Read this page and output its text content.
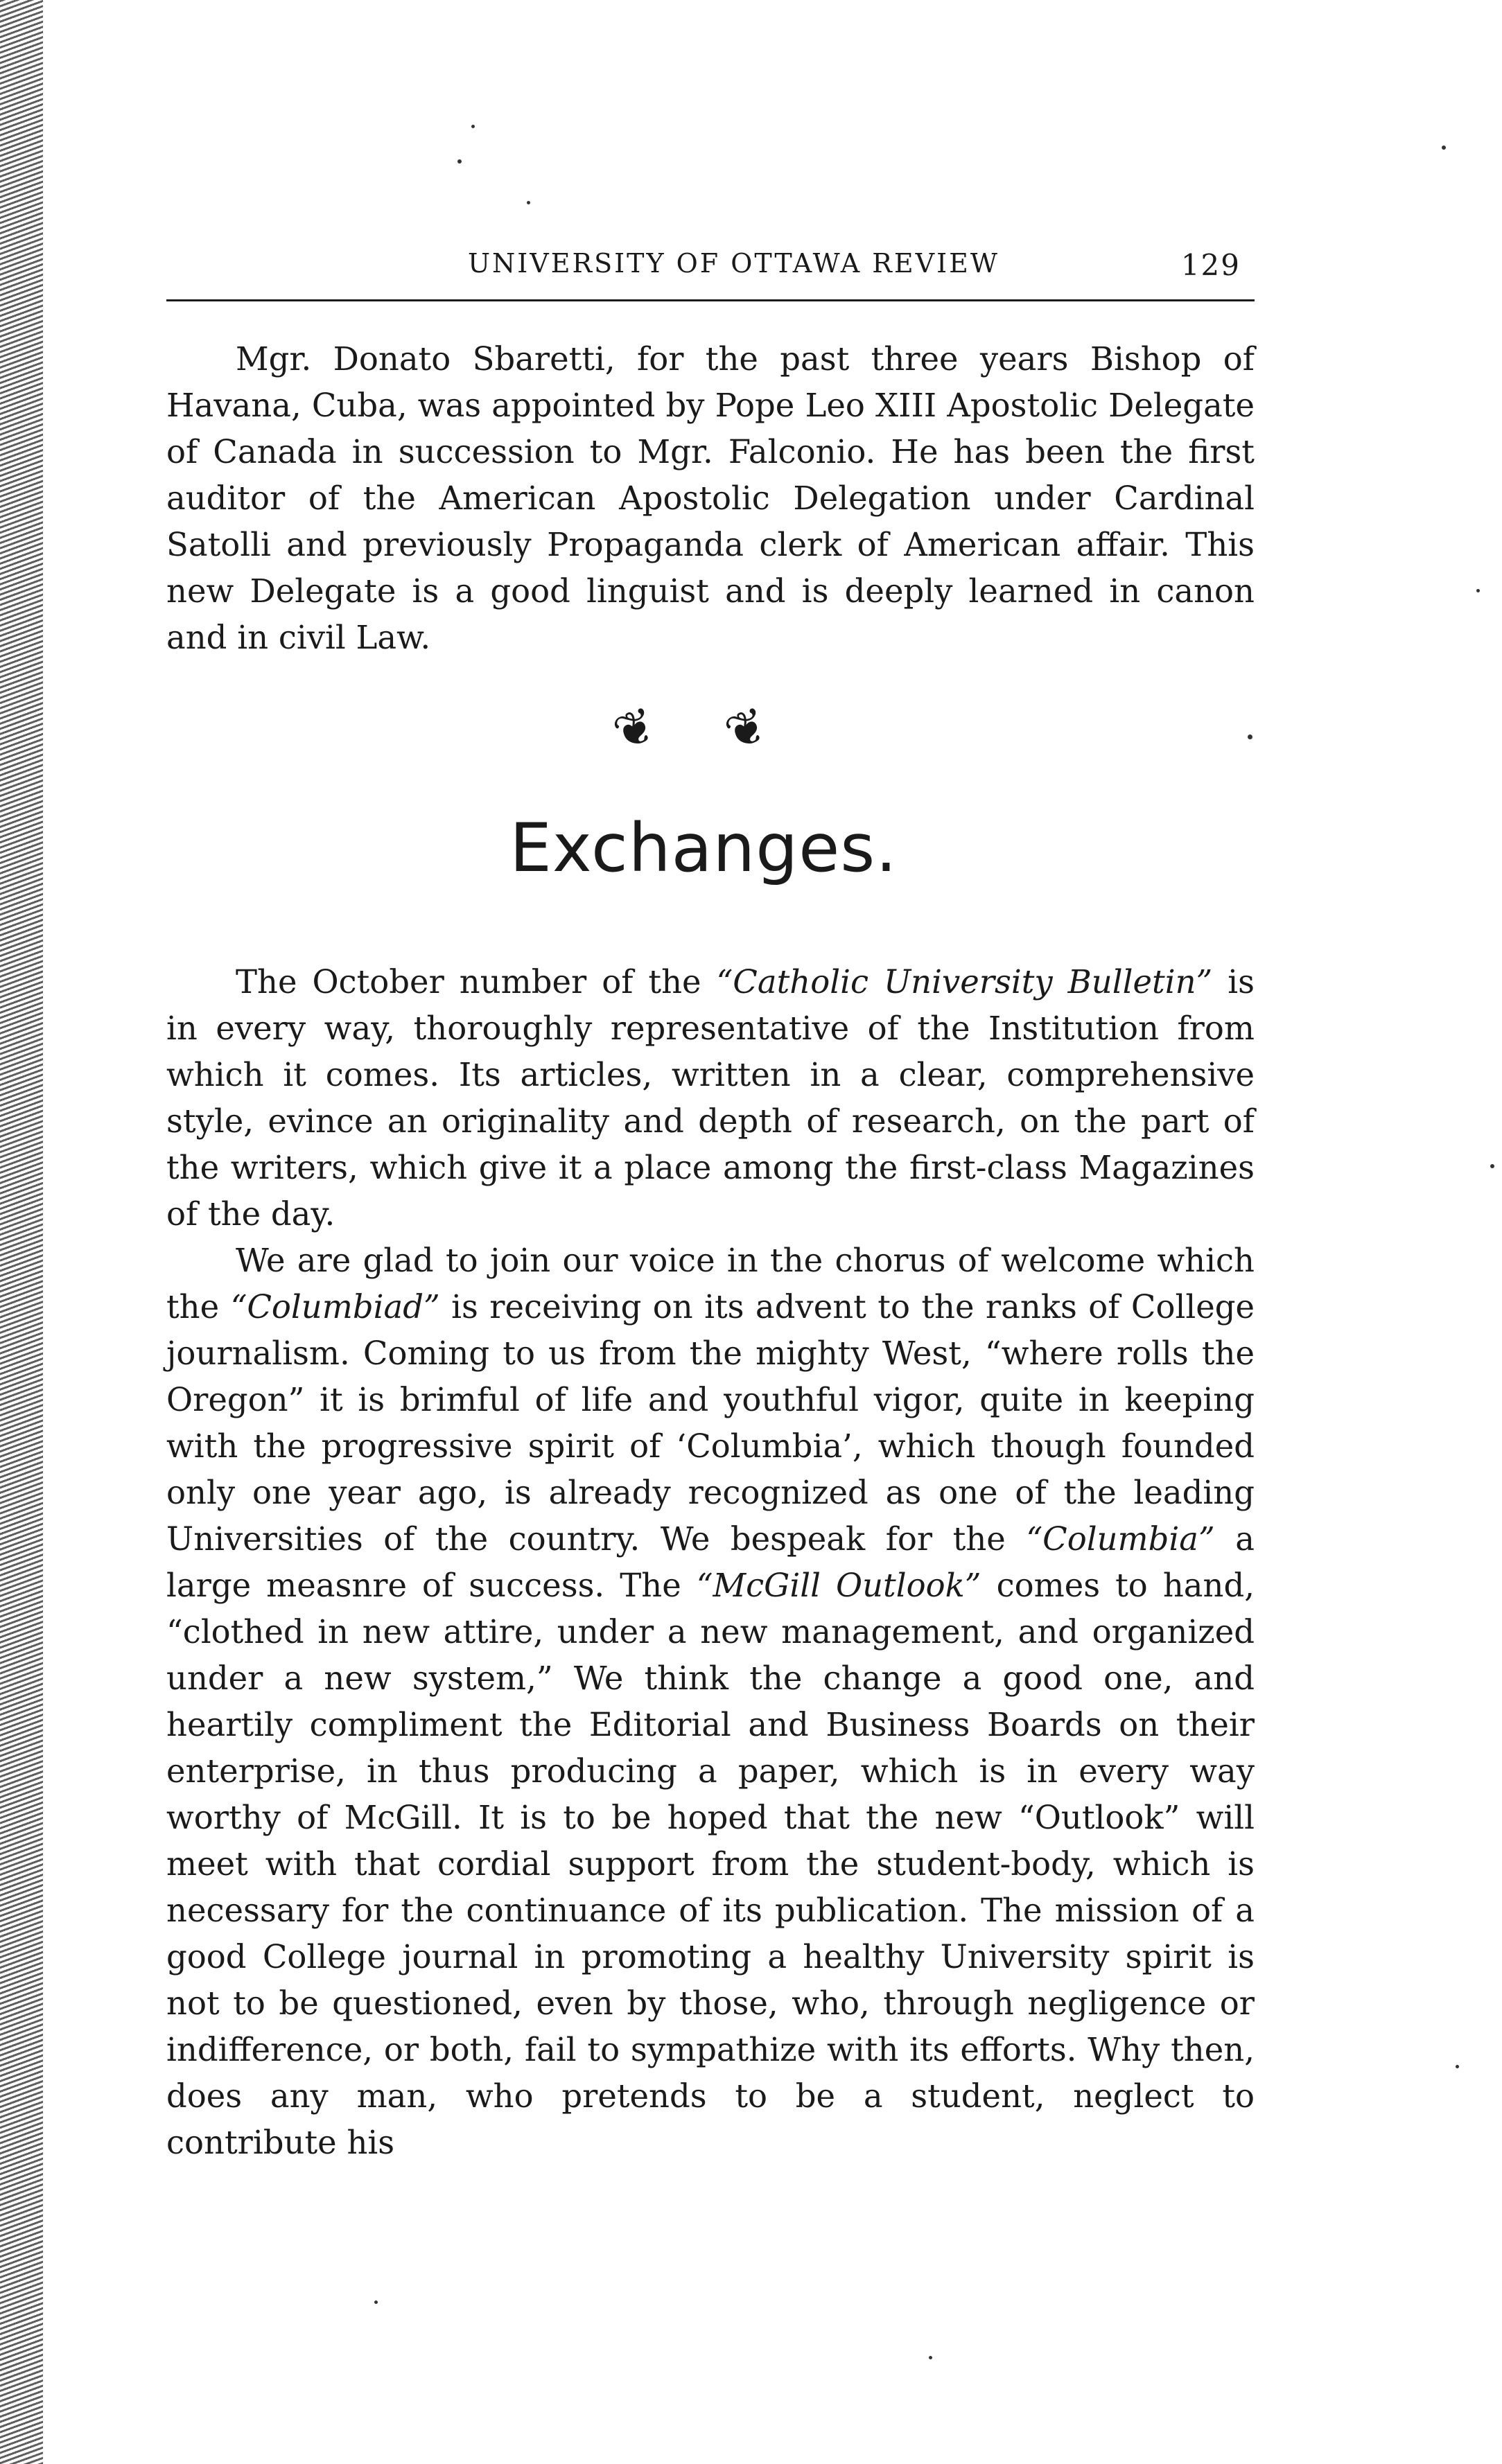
UNIVERSITY OF OTTAWA REVIEW	129

Mgr. Donato Sbaretti, for the past three years Bishop of Havana, Cuba, was appointed by Pope Leo XIII Apostolic Delegate of Canada in succession to Mgr. Falconio. He has been the first auditor of the American Apostolic Delegation under Cardinal Satolli and previously Propaganda clerk of American affair. This new Delegate is a good linguist and is deeply learned in canon and in civil Law.

❦ ❦
Exchanges.

The October number of the “Catholic University Bulletin” is in every way, thoroughly representative of the Institution from which it comes. Its articles, written in a clear, comprehensive style, evince an originality and depth of research, on the part of the writers, which give it a place among the first-class Magazines of the day.

We are glad to join our voice in the chorus of welcome which the “Columbiad” is receiving on its advent to the ranks of College journalism. Coming to us from the mighty West, “where rolls the Oregon” it is brimful of life and youthful vigor, quite in keeping with the progressive spirit of ‘Columbia’, which though founded only one year ago, is already recognized as one of the leading Universities of the country. We bespeak for the “Columbia” a large measnre of success. The “McGill Outlook” comes to hand, “clothed in new attire, under a new management, and organized under a new system,” We think the change a good one, and heartily compliment the Editorial and Business Boards on their enterprise, in thus producing a paper, which is in every way worthy of McGill. It is to be hoped that the new “Outlook” will meet with that cordial support from the student-body, which is necessary for the continuance of its publication. The mission of a good College journal in promoting a healthy University spirit is not to be questioned, even by those, who, through negligence or indifference, or both, fail to sympathize with its efforts. Why then, does any man, who pretends to be a student, neglect to contribute his
